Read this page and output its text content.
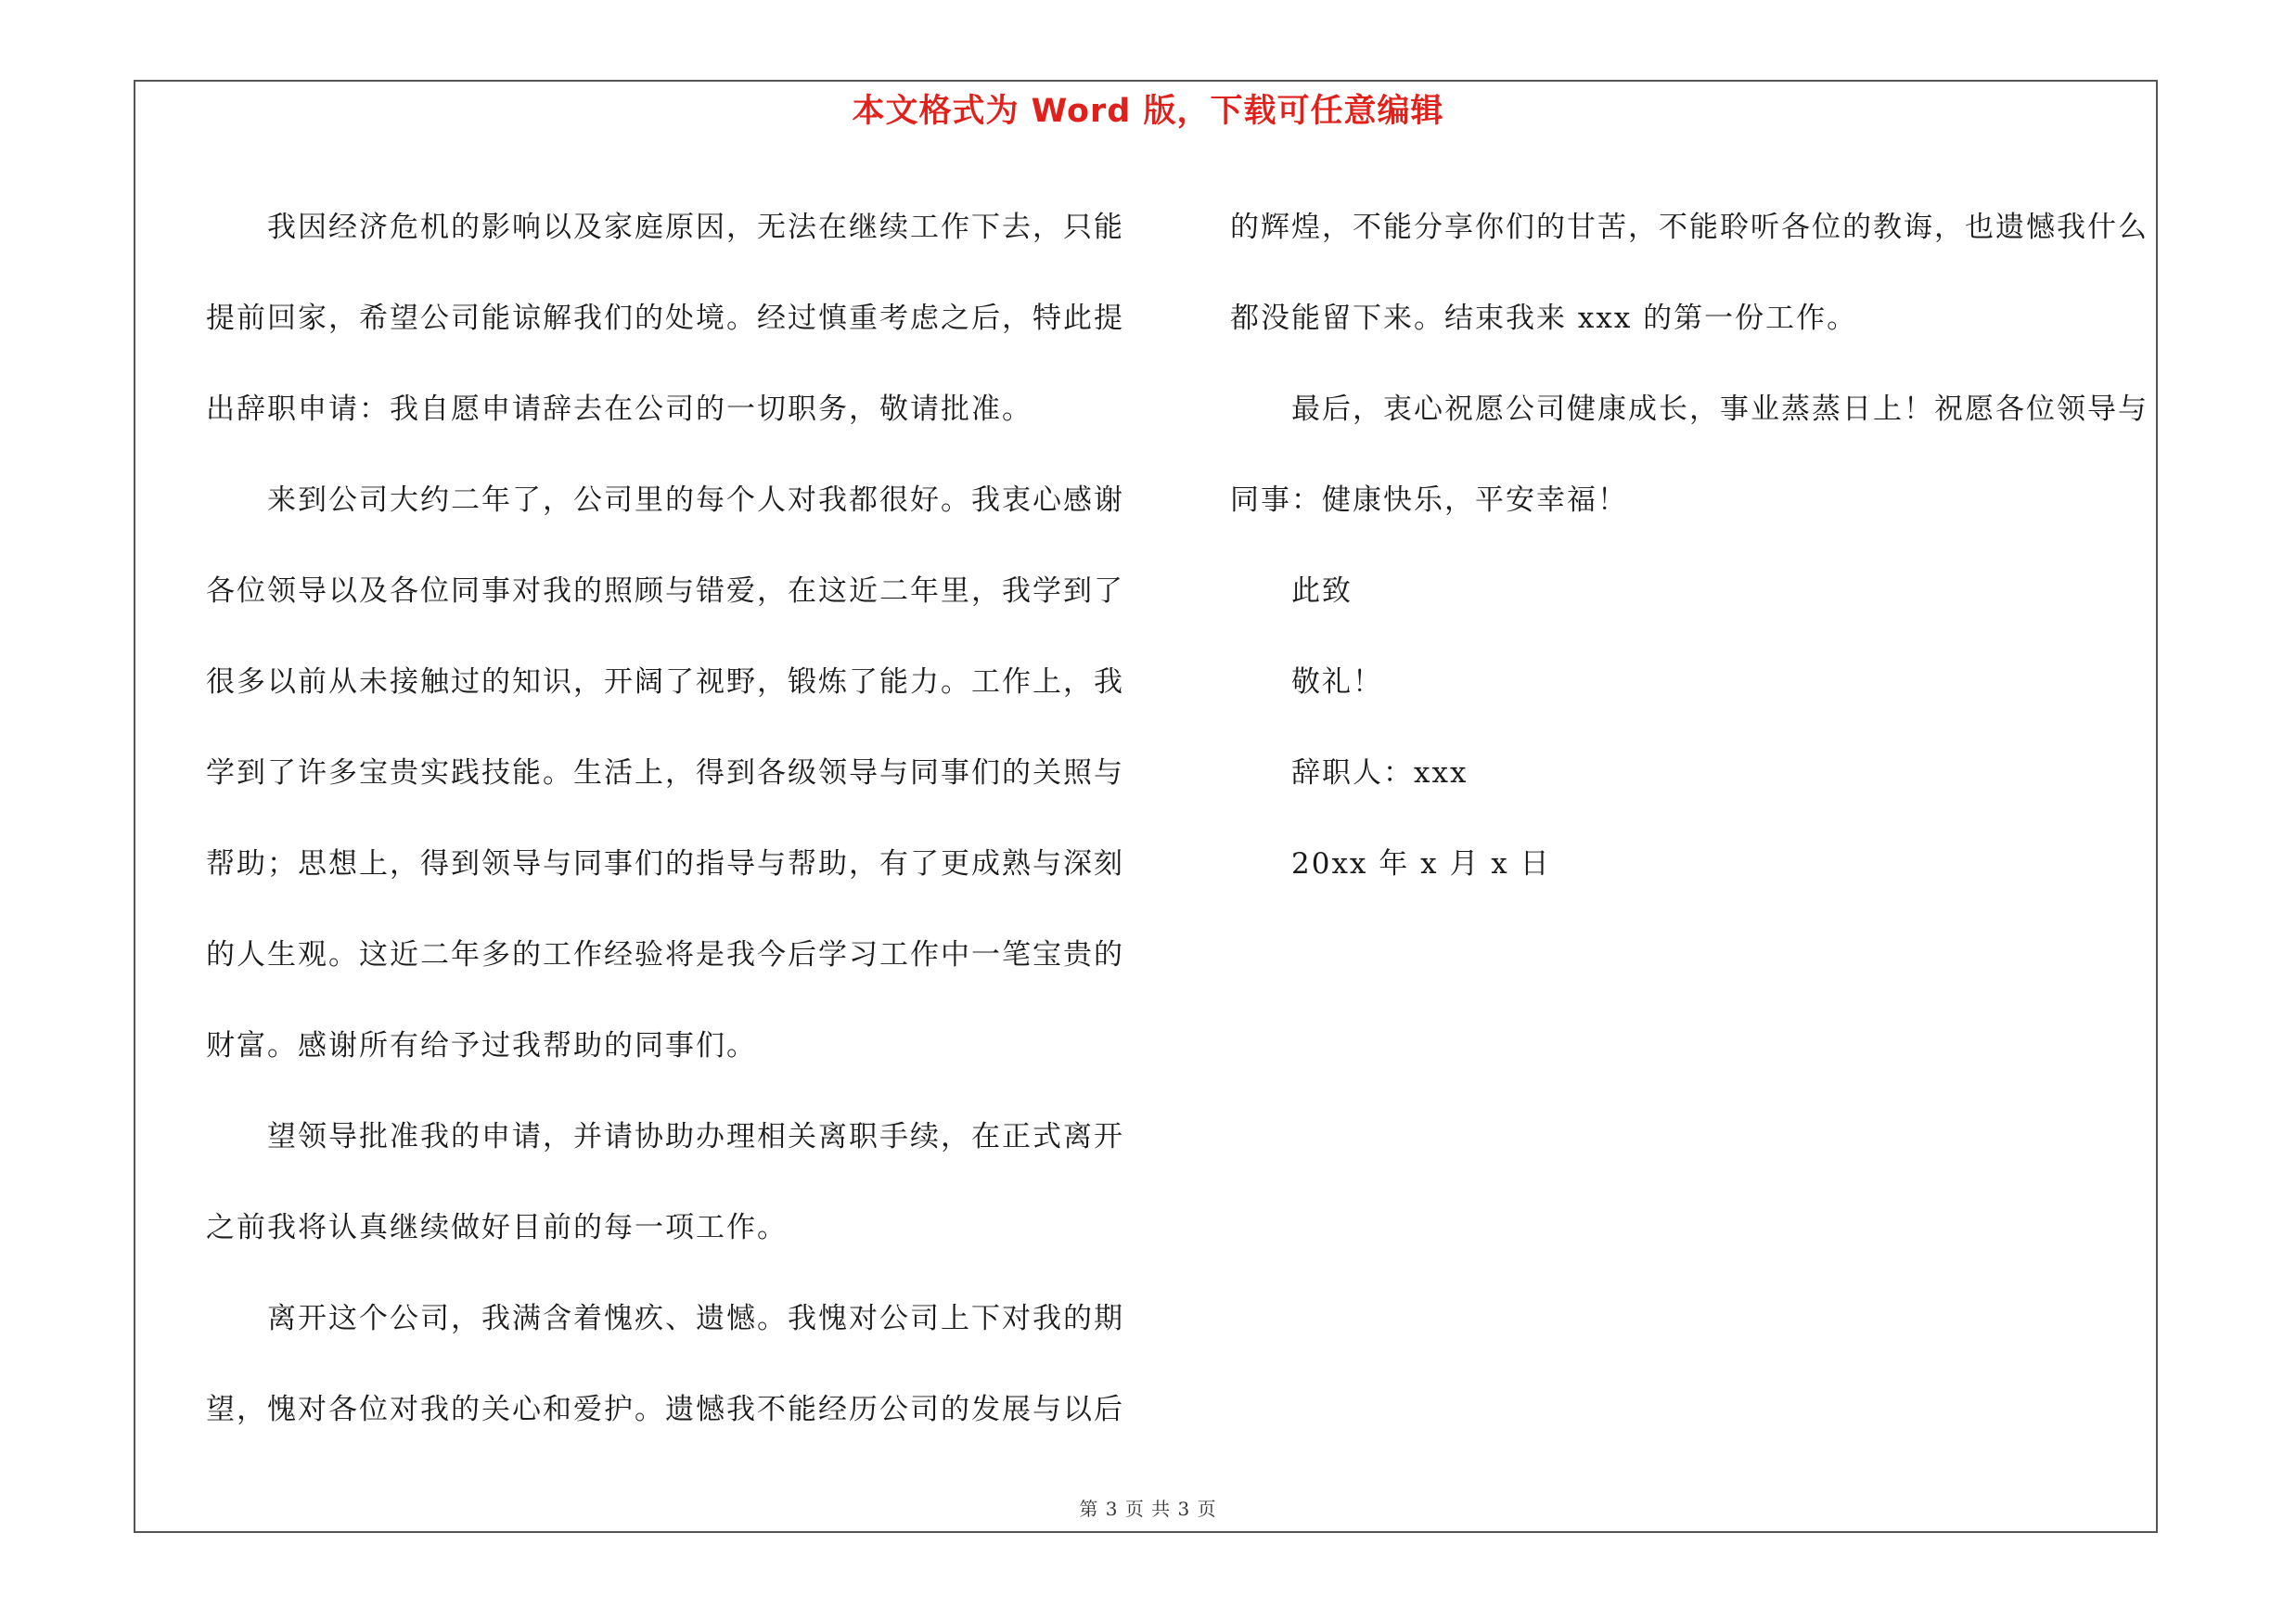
本文格式为 Word 版，下载可任意编辑

我因经济危机的影响以及家庭原因，无法在继续工作下去，只能提前回家，希望公司能谅解我们的处境。经过慎重考虑之后，特此提出辞职申请：我自愿申请辞去在公司的一切职务，敬请批准。

来到公司大约二年了，公司里的每个人对我都很好。我衷心感谢各位领导以及各位同事对我的照顾与错爱，在这近二年里，我学到了很多以前从未接触过的知识，开阔了视野，锻炼了能力。工作上，我学到了许多宝贵实践技能。生活上，得到各级领导与同事们的关照与帮助；思想上，得到领导与同事们的指导与帮助，有了更成熟与深刻的人生观。这近二年多的工作经验将是我今后学习工作中一笔宝贵的财富。感谢所有给予过我帮助的同事们。

望领导批准我的申请，并请协助办理相关离职手续，在正式离开之前我将认真继续做好目前的每一项工作。

离开这个公司，我满含着愧疚、遗憾。我愧对公司上下对我的期望，愧对各位对我的关心和爱护。遗憾我不能经历公司的发展与以后

的辉煌，不能分享你们的甘苦，不能聆听各位的教诲，也遗憾我什么都没能留下来。结束我来 xxx 的第一份工作。

最后，衷心祝愿公司健康成长，事业蒸蒸日上！祝愿各位领导与同事：健康快乐，平安幸福！

此致

敬礼！

辞职人：xxx

20xx 年 x 月 x 日

第 3 页 共 3 页
